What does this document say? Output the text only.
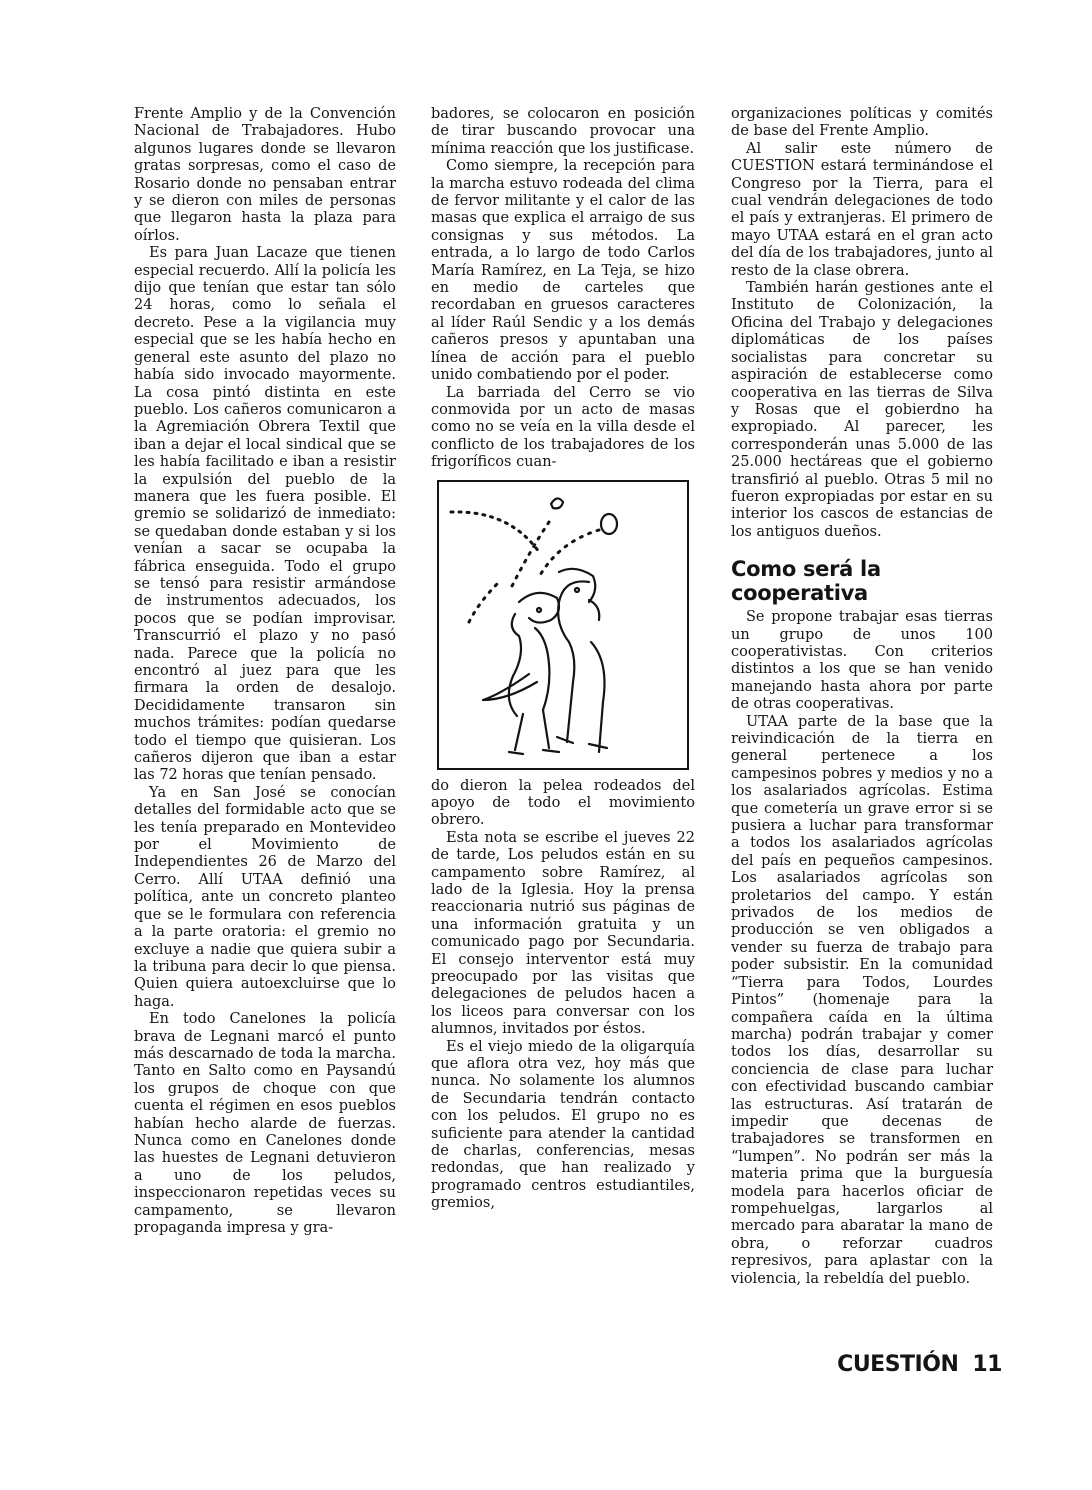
Frente Amplio y de la Convención Nacional de Trabajadores. Hubo algunos lugares donde se llevaron gratas sorpresas, como el caso de Rosario donde no pensaban entrar y se dieron con miles de personas que llegaron hasta la plaza para oírlos.

Es para Juan Lacaze que tienen especial recuerdo. Allí la policía les dijo que tenían que estar tan sólo 24 horas, como lo señala el decreto. Pese a la vigilancia muy especial que se les había hecho en general este asunto del plazo no había sido invocado mayormente. La cosa pintó distinta en este pueblo. Los cañeros comunicaron a la Agremiación Obrera Textil que iban a dejar el local sindical que se les había facilitado e iban a resistir la expulsión del pueblo de la manera que les fuera posible. El gremio se solidarizó de inmediato: se quedaban donde estaban y si los venían a sacar se ocupaba la fábrica enseguida. Todo el grupo se tensó para resistir armándose de instrumentos adecuados, los pocos que se podían improvisar. Transcurrió el plazo y no pasó nada. Parece que la policía no encontró al juez para que les firmara la orden de desalojo. Decididamente transaron sin muchos trámites: podían quedarse todo el tiempo que quisieran. Los cañeros dijeron que iban a estar las 72 horas que tenían pensado.

Ya en San José se conocían detalles del formidable acto que se les tenía preparado en Montevideo por el Movimiento de Independientes 26 de Marzo del Cerro. Allí UTAA definió una política, ante un concreto planteo que se le formulara con referencia a la parte oratoria: el gremio no excluye a nadie que quiera subir a la tribuna para decir lo que piensa. Quien quiera autoexcluirse que lo haga.

En todo Canelones la policía brava de Legnani marcó el punto más descarnado de toda la marcha. Tanto en Salto como en Paysandú los grupos de choque con que cuenta el régimen en esos pueblos habían hecho alarde de fuerzas. Nunca como en Canelones donde las huestes de Legnani detuvieron a uno de los peludos, inspeccionaron repetidas veces su campamento, se llevaron propaganda impresa y gra-

badores, se colocaron en posición de tirar buscando provocar una mínima reacción que los justificase.

Como siempre, la recepción para la marcha estuvo rodeada del clima de fervor militante y el calor de las masas que explica el arraigo de sus consignas y sus métodos. La entrada, a lo largo de todo Carlos María Ramírez, en La Teja, se hizo en medio de carteles que recordaban en gruesos caracteres al líder Raúl Sendic y a los demás cañeros presos y apuntaban una línea de acción para el pueblo unido combatiendo por el poder.

La barriada del Cerro se vio conmovida por un acto de masas como no se veía en la villa desde el conflicto de los trabajadores de los frigoríficos cuan-

do dieron la pelea rodeados del apoyo de todo el movimiento obrero.

Esta nota se escribe el jueves 22 de tarde, Los peludos están en su campamento sobre Ramírez, al lado de la Iglesia. Hoy la prensa reaccionaria nutrió sus páginas de una información gratuita y un comunicado pago por Secundaria. El consejo interventor está muy preocupado por las visitas que delegaciones de peludos hacen a los liceos para conversar con los alumnos, invitados por éstos.

Es el viejo miedo de la oligarquía que aflora otra vez, hoy más que nunca. No solamente los alumnos de Secundaria tendrán contacto con los peludos. El grupo no es suficiente para atender la cantidad de charlas, conferencias, mesas redondas, que han realizado y programado centros estudiantiles, gremios,

organizaciones políticas y comités de base del Frente Amplio.

Al salir este número de CUESTION estará terminándose el Congreso por la Tierra, para el cual vendrán delegaciones de todo el país y extranjeras. El primero de mayo UTAA estará en el gran acto del día de los trabajadores, junto al resto de la clase obrera.

También harán gestiones ante el Instituto de Colonización, la Oficina del Trabajo y delegaciones diplomáticas de los países socialistas para concretar su aspiración de establecerse como cooperativa en las tierras de Silva y Rosas que el gobierdno ha expropiado. Al parecer, les corresponderán unas 5.000 de las 25.000 hectáreas que el gobierno transfirió al pueblo. Otras 5 mil no fueron expropiadas por estar en su interior los cascos de estancias de los antiguos dueños.

Como será la cooperativa

Se propone trabajar esas tierras un grupo de unos 100 cooperativistas. Con criterios distintos a los que se han venido manejando hasta ahora por parte de otras cooperativas.

UTAA parte de la base que la reivindicación de la tierra en general pertenece a los campesinos pobres y medios y no a los asalariados agrícolas. Estima que cometería un grave error si se pusiera a luchar para transformar a todos los asalariados agrícolas del país en pequeños campesinos. Los asalariados agrícolas son proletarios del campo. Y están privados de los medios de producción se ven obligados a vender su fuerza de trabajo para poder subsistir. En la comunidad “Tierra para Todos, Lourdes Pintos” (homenaje para la compañera caída en la última marcha) podrán trabajar y comer todos los días, desarrollar su conciencia de clase para luchar con efectividad buscando cambiar las estructuras. Así tratarán de impedir que decenas de trabajadores se transformen en “lumpen”. No podrán ser más la materia prima que la burguesía modela para hacerlos oficiar de rompehuelgas, largarlos al mercado para abaratar la mano de obra, o reforzar cuadros represivos, para aplastar con la violencia, la rebeldía del pueblo.

CUESTIÓN 11
